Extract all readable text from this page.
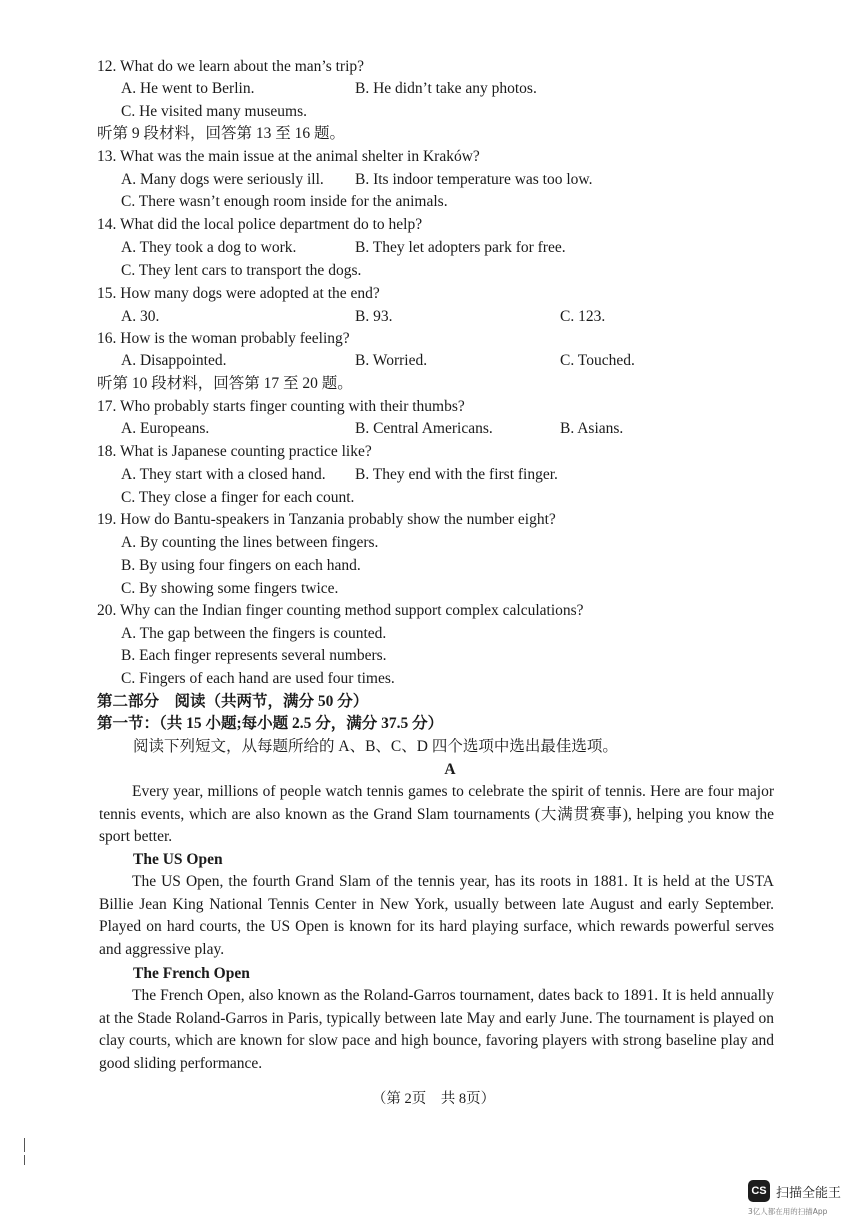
12. What do we learn about the man’s trip?
A. He went to Berlin.	B. He didn’t take any photos.
C. He visited many museums.
听第 9 段材料，回答第 13 至 16 题。
13. What was the main issue at the animal shelter in Kraków?
A. Many dogs were seriously ill. B. Its indoor temperature was too low.
C. There wasn’t enough room inside for the animals.
14. What did the local police department do to help?
A. They took a dog to work.	B. They let adopters park for free.
C. They lent cars to transport the dogs.
15. How many dogs were adopted at the end?
A. 30.	B. 93.	C. 123.
16. How is the woman probably feeling?
A. Disappointed.	B. Worried.	C. Touched.
听第 10 段材料，回答第 17 至 20 题。
17. Who probably starts finger counting with their thumbs?
A. Europeans.	B. Central Americans.	B. Asians.
18. What is Japanese counting practice like?
A. They start with a closed hand. B. They end with the first finger.
C. They close a finger for each count.
19. How do Bantu-speakers in Tanzania probably show the number eight?
A. By counting the lines between fingers.
B. By using four fingers on each hand.
C. By showing some fingers twice.
20. Why can the Indian finger counting method support complex calculations?
A. The gap between the fingers is counted.
B. Each finger represents several numbers.
C. Fingers of each hand are used four times.
第二部分　阅读（共两节，满分 50 分）
第一节：（共 15 小题;每小题 2.5 分，满分 37.5 分）
阅读下列短文，从每题所给的 A、B、C、D 四个选项中选出最佳选项。
A

Every year, millions of people watch tennis games to celebrate the spirit of tennis. Here are four major tennis events, which are also known as the Grand Slam tournaments (大满贯赛事), helping you know the sport better.

The US Open

The US Open, the fourth Grand Slam of the tennis year, has its roots in 1881. It is held at the USTA Billie Jean King National Tennis Center in New York, usually between late August and early September. Played on hard courts, the US Open is known for its hard playing surface, which rewards powerful serves and aggressive play.

The French Open

The French Open, also known as the Roland-Garros tournament, dates back to 1891. It is held annually at the Stade Roland-Garros in Paris, typically between late May and early June. The tournament is played on clay courts, which are known for slow pace and high bounce, favoring players with strong baseline play and good sliding performance.

（第 2页　共 8页）
CS 扫描全能王
3亿人都在用的扫描App
